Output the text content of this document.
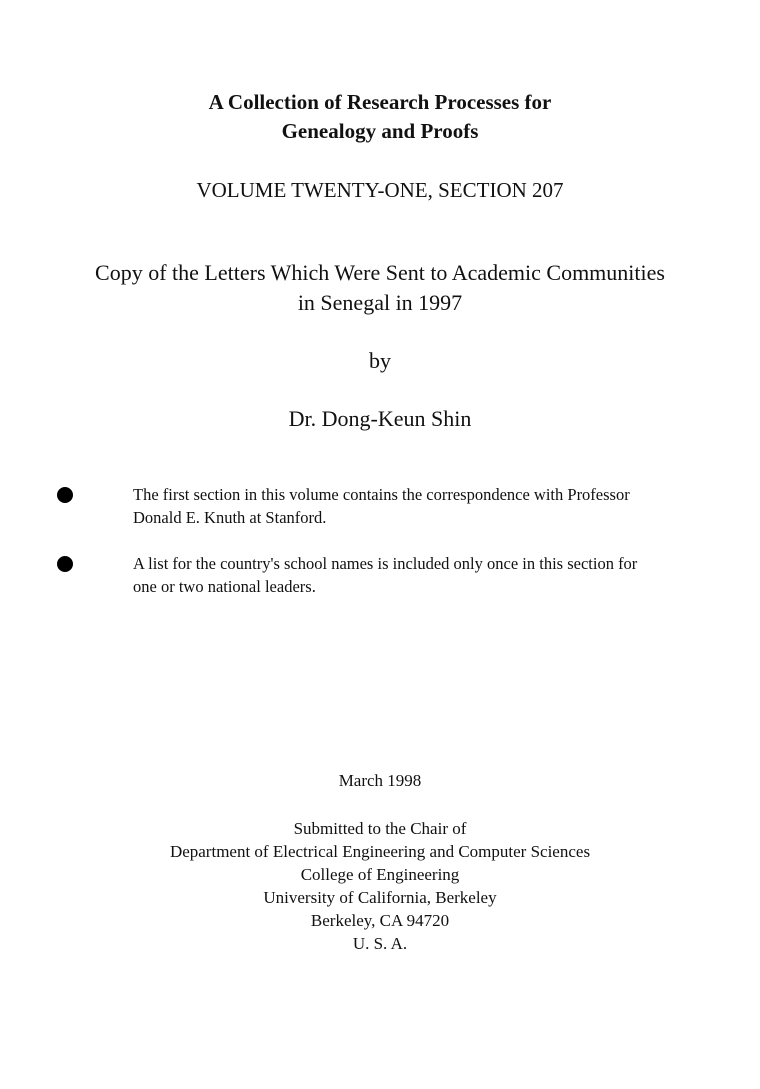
A Collection of Research Processes for
Genealogy and Proofs
VOLUME TWENTY-ONE, SECTION 207
Copy of the Letters Which Were Sent to Academic Communities
in Senegal in 1997
by
Dr. Dong-Keun Shin
The first section in this volume contains the correspondence with Professor
Donald E. Knuth at Stanford.
A list for the country's school names is included only once in this section for
one or two national leaders.
March 1998
Submitted to the Chair of
Department of Electrical Engineering and Computer Sciences
College of Engineering
University of California, Berkeley
Berkeley, CA 94720
U. S. A.
